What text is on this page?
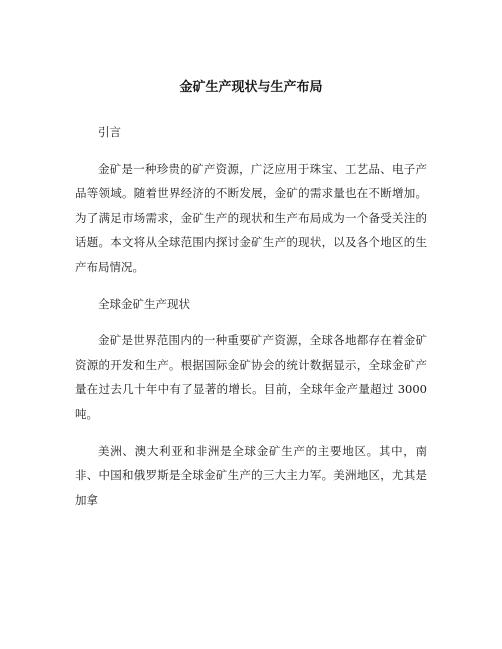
金矿生产现状与生产布局

引言

金矿是一种珍贵的矿产资源，广泛应用于珠宝、工艺品、电子产品等领域。随着世界经济的不断发展，金矿的需求量也在不断增加。为了满足市场需求，金矿生产的现状和生产布局成为一个备受关注的话题。本文将从全球范围内探讨金矿生产的现状，以及各个地区的生产布局情况。

全球金矿生产现状

金矿是世界范围内的一种重要矿产资源，全球各地都存在着金矿资源的开发和生产。根据国际金矿协会的统计数据显示，全球金矿产量在过去几十年中有了显著的增长。目前，全球年金产量超过 3000 吨。

美洲、澳大利亚和非洲是全球金矿生产的主要地区。其中，南非、中国和俄罗斯是全球金矿生产的三大主力军。美洲地区，尤其是加拿
